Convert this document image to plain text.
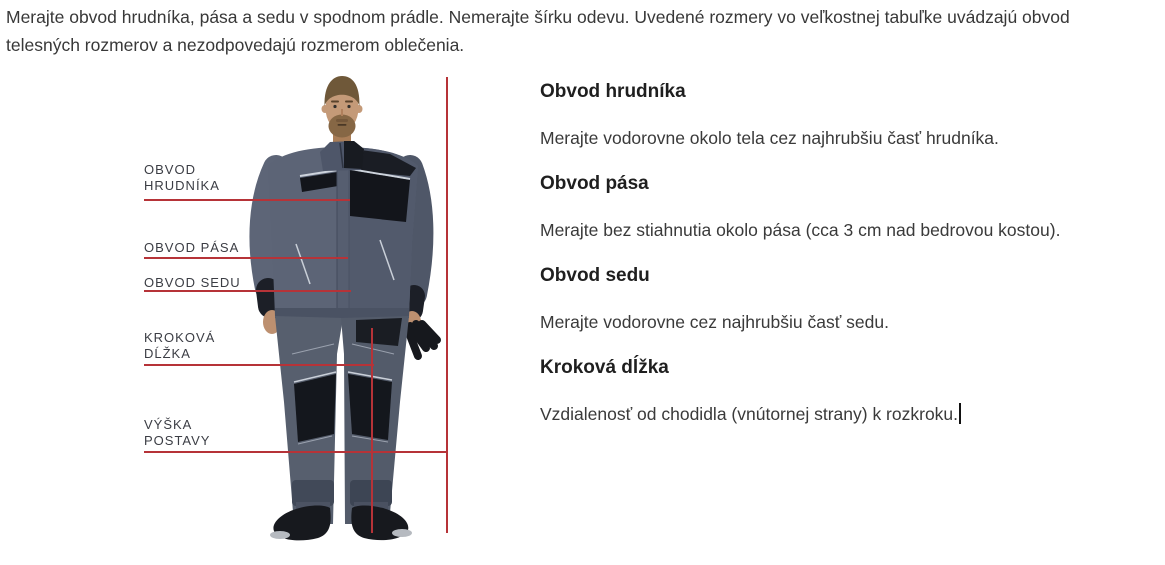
Merajte obvod hrudníka, pása a sedu v spodnom prádle. Nemerajte šírku odevu. Uvedené rozmery vo veľkostnej tabuľke uvádzajú obvod telesných rozmerov a nezodpovedajú rozmerom oblečenia.

OBVOD
HRUDNÍKA
OBVOD PÁSA
OBVOD SEDU
KROKOVÁ
DĹŽKA
VÝŠKA
POSTAVY
Obvod hrudníka

Merajte vodorovne okolo tela cez najhrubšiu časť hrudníka.

Obvod pása

Merajte bez stiahnutia okolo pása (cca 3 cm nad bedrovou kostou).

Obvod sedu

Merajte vodorovne cez najhrubšiu časť sedu.

Kroková dĺžka

Vzdialenosť od chodidla (vnútornej strany) k rozkroku.
